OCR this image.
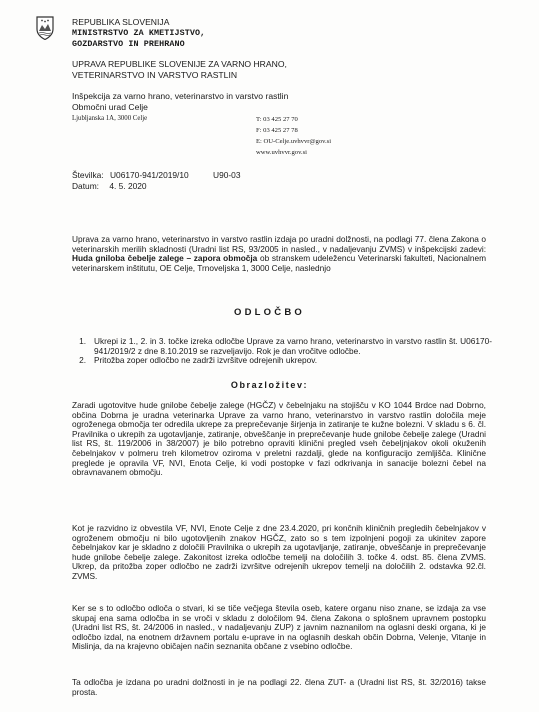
REPUBLIKA SLOVENIJA
MINISTRSTVO ZA KMETIJSTVO,
GOZDARSTVO IN PREHRANO
UPRAVA REPUBLIKE SLOVENIJE ZA VARNO HRANO,
VETERINARSTVO IN VARSTVO RASTLIN
Inšpekcija za varno hrano, veterinarstvo in varstvo rastlin
Območni urad Celje
Ljubljanska 1A, 3000 Celje	T: 03 425 27 70
F: 03 425 27 78
E: OU-Celje.uvhvvr@gov.si
www.uvhvvr.gov.si
Številka: U06170-941/2019/10	U90-03
Datum: 4. 5. 2020
Uprava za varno hrano, veterinarstvo in varstvo rastlin izdaja po uradni dolžnosti, na podlagi 77. člena Zakona o veterinarskih merilih skladnosti (Uradni list RS, 93/2005 in nasled., v nadaljevanju ZVMS) v inšpekcijski zadevi: Huda gniloba čebelje zalege – zapora območja ob stranskem udeležencu Veterinarski fakulteti, Nacionalnem veterinarskem inštitutu, OE Celje, Trnoveljska 1, 3000 Celje, naslednjo
ODLOČBO
1. Ukrepi iz 1., 2. in 3. točke izreka odločbe Uprave za varno hrano, veterinarstvo in varstvo rastlin št. U06170-941/2019/2 z dne 8.10.2019 se razveljavijo. Rok je dan vročitve odločbe.
2. Pritožba zoper odločbo ne zadrži izvršitve odrejenih ukrepov.
Obrazložitev:
Zaradi ugotovitve hude gnilobe čebelje zalege (HGČZ) v čebelnjaku na stojišču v KO 1044 Brdce nad Dobrno, občina Dobrna je uradna veterinarka Uprave za varno hrano, veterinarstvo in varstvo rastlin določila meje ogroženega območja ter odredila ukrepe za preprečevanje širjenja in zatiranje te kužne bolezni. V skladu s 6. čl. Pravilnika o ukrepih za ugotavljanje, zatiranje, obveščanje in preprečevanje hude gnilobe čebelje zalege (Uradni list RS, št. 119/2006 in 38/2007) je bilo potrebno opraviti klinični pregled vseh čebeljnjakov okoli okuženih čebelnjakov v polmeru treh kilometrov oziroma v preletni razdalji, glede na konfiguracijo zemljišča. Klinične preglede je opravila VF, NVI, Enota Celje, ki vodi postopke v fazi odkrivanja in sanacije bolezni čebel na obravnavanem območju.
Kot je razvidno iz obvestila VF, NVI, Enote Celje z dne 23.4.2020, pri končnih kliničnih pregledih čebelnjakov v ogroženem območju ni bilo ugotovljenih znakov HGČZ, zato so s tem izpolnjeni pogoji za ukinitev zapore čebelnjakov kar je skladno z določili Pravilnika o ukrepih za ugotavljanje, zatiranje, obveščanje in preprečevanje hude gnilobe čebelje zalege. Zakonitost izreka odločbe temelji na določilih 3. točke 4. odst. 85. člena ZVMS. Ukrep, da pritožba zoper odločbo ne zadrži izvršitve odrejenih ukrepov temelji na določilih 2. odstavka 92.čl. ZVMS.
Ker se s to odločbo odloča o stvari, ki se tiče večjega števila oseb, katere organu niso znane, se izdaja za vse skupaj ena sama odločba in se vroči v skladu z določilom 94. člena Zakona o splošnem upravnem postopku (Uradni list RS, št. 24/2006 in nasled., v nadaljevanju ZUP) z javnim naznanilom na oglasni deski organa, ki je odločbo izdal, na enotnem državnem portalu e-uprave in na oglasnih deskah občin Dobrna, Velenje, Vitanje in Mislinja, da na krajevno običajen način seznanita občane z vsebino odločbe.
Ta odločba je izdana po uradni dolžnosti in je na podlagi 22. člena ZUT- a (Uradni list RS, št. 32/2016) takse prosta.
